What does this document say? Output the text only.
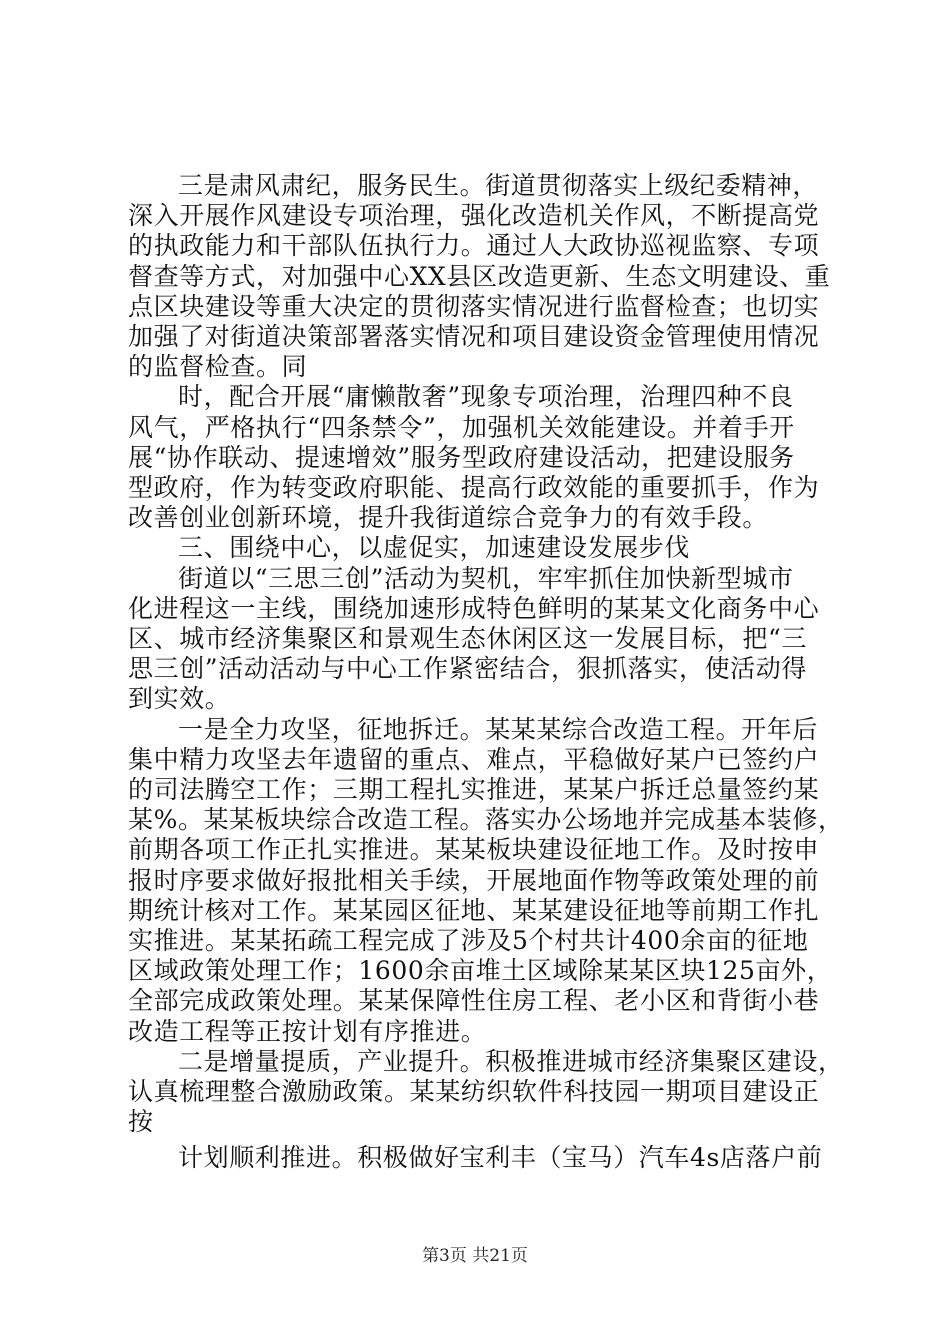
三是肃风肃纪，服务民生。街道贯彻落实上级纪委精神，
深入开展作风建设专项治理，强化改造机关作风，不断提高党
的执政能力和干部队伍执行力。通过人大政协巡视监察、专项
督查等方式，对加强中心XX县区改造更新、生态文明建设、重
点区块建设等重大决定的贯彻落实情况进行监督检查；也切实
加强了对街道决策部署落实情况和项目建设资金管理使用情况
的监督检查。同
时，配合开展“庸懒散奢”现象专项治理，治理四种不良
风气，严格执行“四条禁令”，加强机关效能建设。并着手开
展“协作联动、提速增效”服务型政府建设活动，把建设服务
型政府，作为转变政府职能、提高行政效能的重要抓手，作为
改善创业创新环境，提升我街道综合竞争力的有效手段。
三、围绕中心，以虚促实，加速建设发展步伐
街道以“三思三创”活动为契机，牢牢抓住加快新型城市
化进程这一主线，围绕加速形成特色鲜明的某某文化商务中心
区、城市经济集聚区和景观生态休闲区这一发展目标，把“三
思三创”活动活动与中心工作紧密结合，狠抓落实，使活动得
到实效。
一是全力攻坚，征地拆迁。某某某综合改造工程。开年后
集中精力攻坚去年遗留的重点、难点，平稳做好某户已签约户
的司法腾空工作；三期工程扎实推进，某某户拆迁总量签约某
某%。某某板块综合改造工程。落实办公场地并完成基本装修，
前期各项工作正扎实推进。某某板块建设征地工作。及时按申
报时序要求做好报批相关手续，开展地面作物等政策处理的前
期统计核对工作。某某园区征地、某某建设征地等前期工作扎
实推进。某某拓疏工程完成了涉及5个村共计400余亩的征地
区域政策处理工作；1600余亩堆土区域除某某区块125亩外，
全部完成政策处理。某某保障性住房工程、老小区和背街小巷
改造工程等正按计划有序推进。
二是增量提质，产业提升。积极推进城市经济集聚区建设，
认真梳理整合激励政策。某某纺织软件科技园一期项目建设正
按
计划顺利推进。积极做好宝利丰（宝马）汽车4s店落户前
第3页 共21页
